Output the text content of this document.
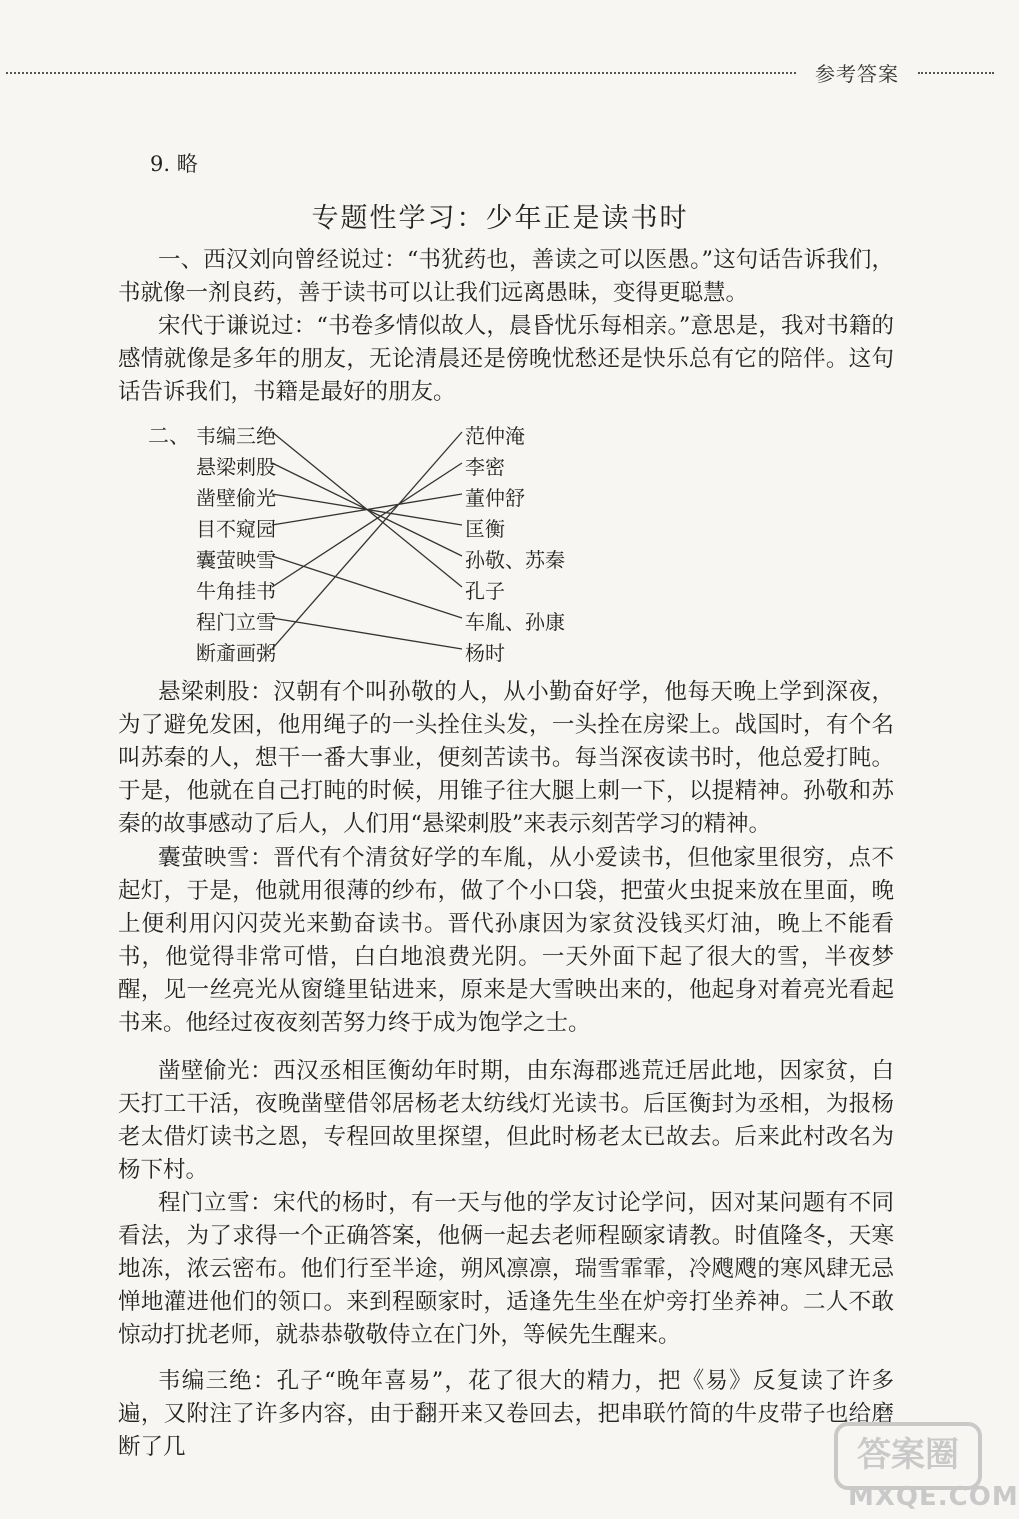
参考答案
9. 略
专题性学习：少年正是读书时

一、西汉刘向曾经说过：“书犹药也，善读之可以医愚。”这句话告诉我们，书就像一剂良药，善于读书可以让我们远离愚昧，变得更聪慧。

宋代于谦说过：“书卷多情似故人，晨昏忧乐每相亲。”意思是，我对书籍的感情就像是多年的朋友，无论清晨还是傍晚忧愁还是快乐总有它的陪伴。这句话告诉我们，书籍是最好的朋友。

二、 韦编三绝
悬梁刺股
凿壁偷光
目不窥园
囊萤映雪
牛角挂书
程门立雪
断齑画粥
范仲淹
李密
董仲舒
匡衡
孙敬、苏秦
孔子
车胤、孙康
杨时

悬梁刺股：汉朝有个叫孙敬的人，从小勤奋好学，他每天晚上学到深夜，为了避免发困，他用绳子的一头拴住头发，一头拴在房梁上。战国时，有个名叫苏秦的人，想干一番大事业，便刻苦读书。每当深夜读书时，他总爱打盹。于是，他就在自己打盹的时候，用锥子往大腿上刺一下，以提精神。孙敬和苏秦的故事感动了后人，人们用“悬梁刺股”来表示刻苦学习的精神。

囊萤映雪：晋代有个清贫好学的车胤，从小爱读书，但他家里很穷，点不起灯，于是，他就用很薄的纱布，做了个小口袋，把萤火虫捉来放在里面，晚上便利用闪闪荧光来勤奋读书。晋代孙康因为家贫没钱买灯油，晚上不能看书，他觉得非常可惜，白白地浪费光阴。一天外面下起了很大的雪，半夜梦醒，见一丝亮光从窗缝里钻进来，原来是大雪映出来的，他起身对着亮光看起书来。他经过夜夜刻苦努力终于成为饱学之士。

凿壁偷光：西汉丞相匡衡幼年时期，由东海郡逃荒迁居此地，因家贫，白天打工干活，夜晚凿壁借邻居杨老太纺线灯光读书。后匡衡封为丞相，为报杨老太借灯读书之恩，专程回故里探望，但此时杨老太已故去。后来此村改名为杨下村。

程门立雪：宋代的杨时，有一天与他的学友讨论学问，因对某问题有不同看法，为了求得一个正确答案，他俩一起去老师程颐家请教。时值隆冬，天寒地冻，浓云密布。他们行至半途，朔风凛凛，瑞雪霏霏，冷飕飕的寒风肆无忌惮地灌进他们的领口。来到程颐家时，适逢先生坐在炉旁打坐养神。二人不敢惊动打扰老师，就恭恭敬敬侍立在门外，等候先生醒来。

韦编三绝：孔子“晚年喜易”，花了很大的精力，把《易》反复读了许多遍，又附注了许多内容，由于翻开来又卷回去，把串联竹简的牛皮带子也给磨断了几	答案圈
MXQE.COM
